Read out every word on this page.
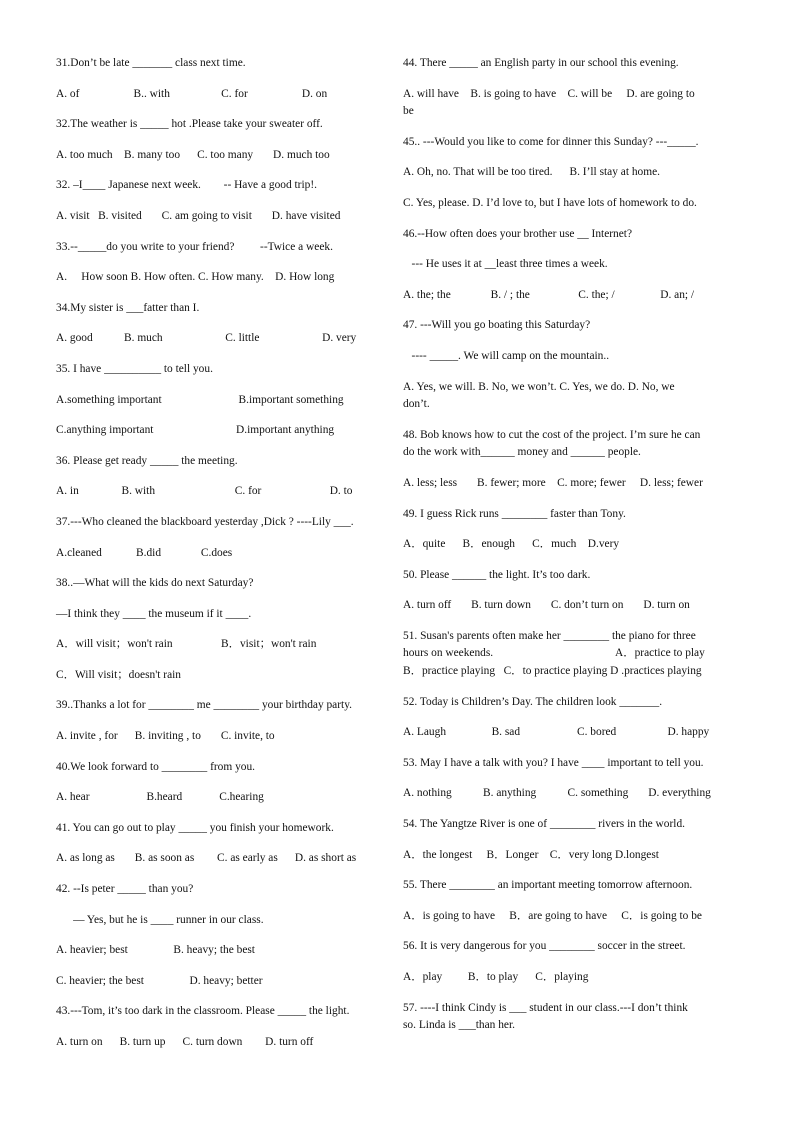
31.Don’t be late _______ class next time.
A. of                   B.. with                  C. for                   D. on
32.The weather is _____ hot .Please take your sweater off.
A. too much    B. many too      C. too many       D. much too
32. –I____ Japanese next week.        -- Have a good trip!.
A. visit   B. visited       C. am going to visit       D. have visited
33.--_____do you write to your friend?         --Twice a week.
A.     How soon B. How often. C. How many.    D. How long
34.My sister is ___fatter than I.
A. good           B. much                      C. little                      D. very
35. I have __________ to tell you.
A.something important                           B.important something
C.anything important                             D.important anything
36. Please get ready _____ the meeting.
A. in               B. with                            C. for                        D. to
37.---Who cleaned the blackboard yesterday ,Dick ? ----Lily ___.
A.cleaned            B.did              C.does
38..—What will the kids do next Saturday?
—I think they ____ the museum if it ____.
A．will visit；won't rain                 B．visit；won't rain
C．Will visit；doesn't rain
39..Thanks a lot for ________ me ________ your birthday party.
A. invite , for      B. inviting , to       C. invite, to
40.We look forward to ________ from you.
A. hear                    B.heard             C.hearing
41. You can go out to play _____ you finish your homework.
A. as long as       B. as soon as        C. as early as      D. as short as
42. --Is peter _____ than you?
— Yes, but he is ____ runner in our class.
A. heavier; best                B. heavy; the best
C. heavier; the best                D. heavy; better
43.---Tom, it’s too dark in the classroom. Please _____ the light.
A. turn on      B. turn up      C. turn down        D. turn off
44. There _____ an English party in our school this evening.
A. will have    B. is going to have    C. will be     D. are going to
be
45.. ---Would you like to come for dinner this Sunday? ---_____.
A. Oh, no. That will be too tired.      B. I’ll stay at home.
C. Yes, please. D. I’d love to, but I have lots of homework to do.
46.--How often does your brother use __ Internet?
--- He uses it at __least three times a week.
A. the; the              B. / ; the                 C. the; /                D. an; /
47. ---Will you go boating this Saturday?
---- _____. We will camp on the mountain..
A. Yes, we will. B. No, we won’t. C. Yes, we do. D. No, we
don’t.
48. Bob knows how to cut the cost of the project. I’m sure he can
do the work with______ money and ______ people.
A. less; less       B. fewer; more    C. more; fewer     D. less; fewer
49. I guess Rick runs ________ faster than Tony.
A．quite      B．enough      C．much    D.very
50. Please ______ the light. It’s too dark.
A. turn off       B. turn down       C. don’t turn on       D. turn on
51. Susan's parents often make her ________ the piano for three
hours on weekends.                                           A．practice to play
B．practice playing   C．to practice playing D .practices playing
52. Today is Children’s Day. The children look _______.
A. Laugh                B. sad                    C. bored                  D. happy
53. May I have a talk with you? I have ____ important to tell you.
A. nothing           B. anything           C. something       D. everything
54. The Yangtze River is one of ________ rivers in the world.
A．the longest     B．Longer    C．very long D.longest
55. There ________ an important meeting tomorrow afternoon.
A．is going to have     B．are going to have     C．is going to be
56. It is very dangerous for you ________ soccer in the street.
A．play         B．to play      C．playing
57. ----I think Cindy is ___ student in our class.---I don’t think
so. Linda is ___than her.
